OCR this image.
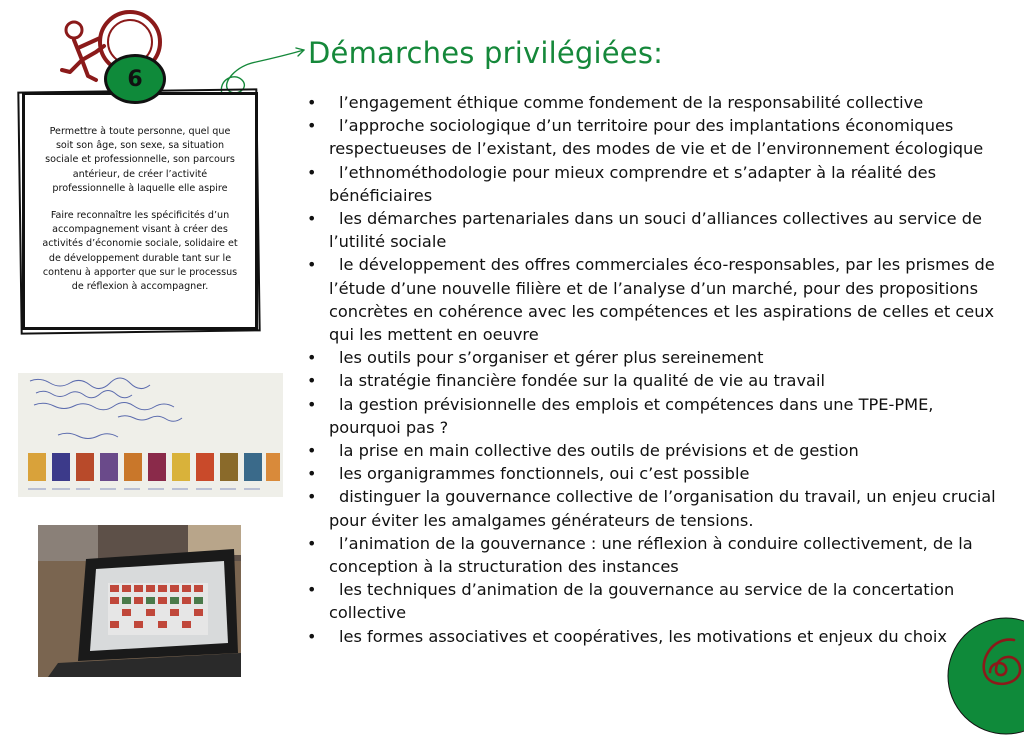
6

Permettre à toute personne, quel que soit son âge, son sexe, sa situation sociale et professionnelle, son parcours antérieur, de créer l’activité professionnelle à laquelle elle aspire

Faire reconnaître les spécificités d’un accompagnement visant à créer des activités d’économie sociale, solidaire et de développement durable tant sur le contenu à apporter que sur le processus de réflexion à accompagner.

Démarches privilégiées:
• l’engagement éthique comme fondement de la responsabilité collective
• l’approche sociologique d’un territoire pour des implantations économiques respectueuses de l’existant, des modes de vie et de l’environnement écologique
• l’ethnométhodologie pour mieux comprendre et s’adapter à la réalité des bénéficiaires
• les démarches partenariales dans un souci d’alliances collectives au service de l’utilité sociale
• le développement des offres commerciales éco-responsables, par les prismes de l’étude d’une nouvelle filière et de l’analyse d’un marché, pour des propositions concrètes en cohérence avec les compétences et les aspirations de celles et ceux qui les mettent en oeuvre
• les outils pour s’organiser et gérer plus sereinement
• la stratégie financière fondée sur la qualité de vie au travail
• la gestion prévisionnelle des emplois et compétences dans une TPE-PME, pourquoi pas ?
• la prise en main collective des outils de prévisions et de gestion
• les organigrammes fonctionnels, oui c’est possible
• distinguer la gouvernance collective de l’organisation du travail, un enjeu crucial pour éviter les amalgames générateurs de tensions.
• l’animation de la gouvernance : une réflexion à conduire collectivement, de la conception à la structuration des instances
• les techniques d’animation de la gouvernance au service de la concertation collective
• les formes associatives et coopératives, les motivations et enjeux du choix
